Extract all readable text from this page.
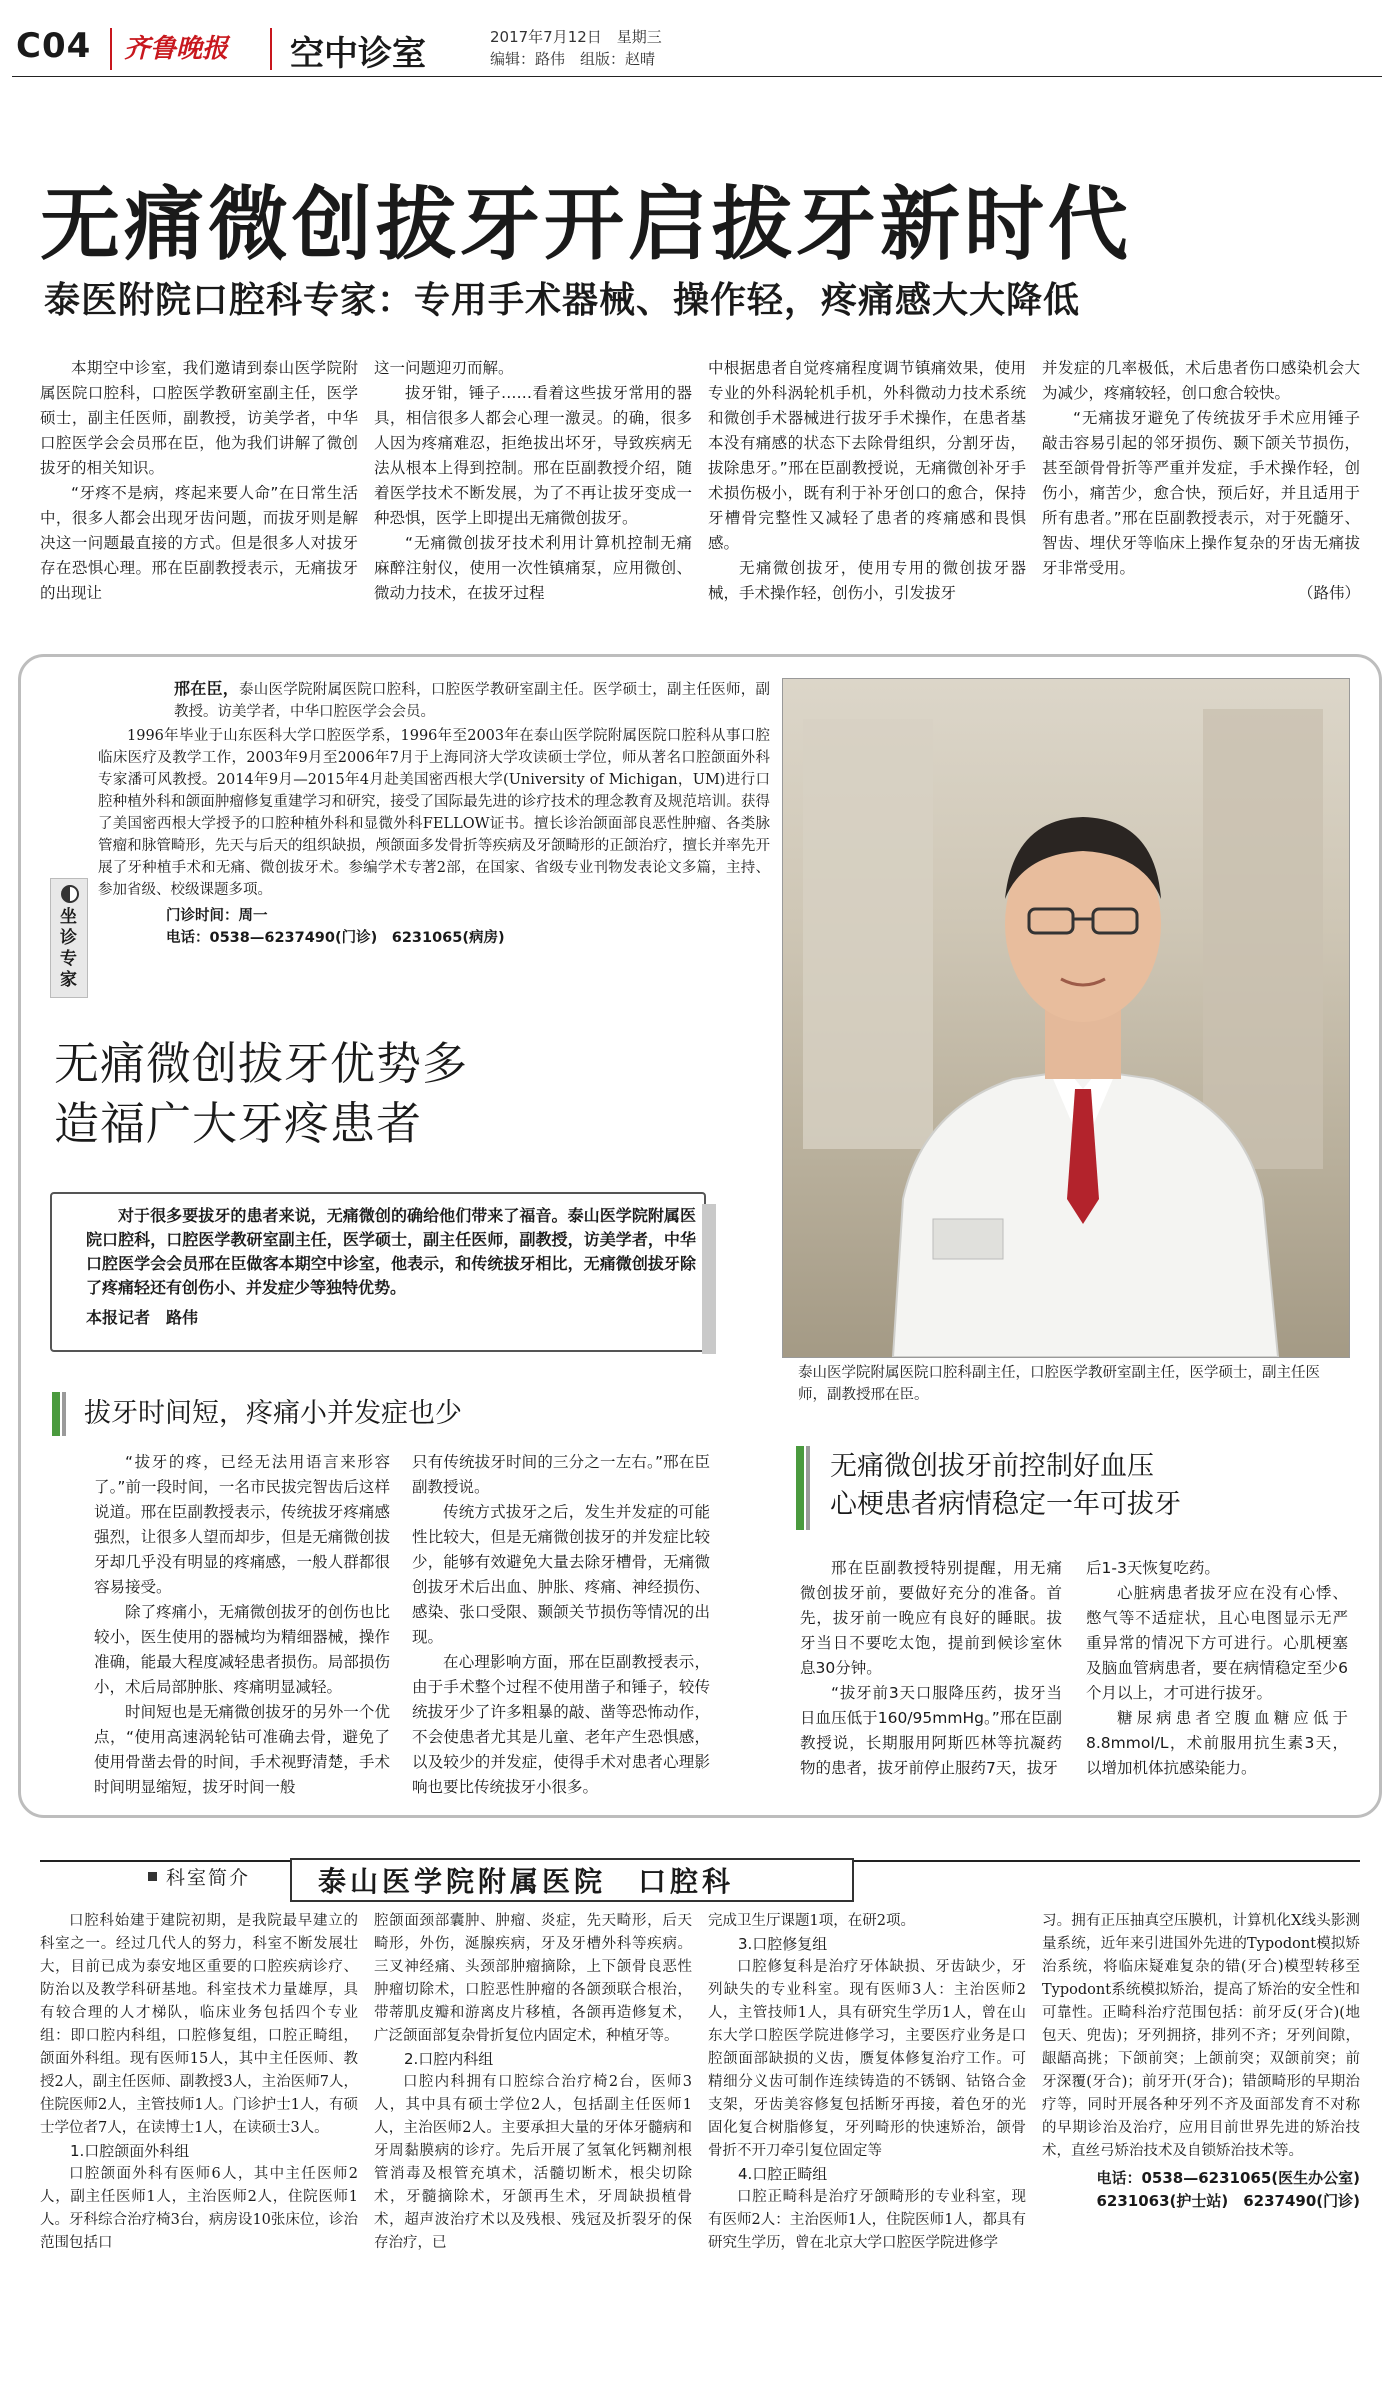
C04 齐鲁晚报 空中诊室	2017年7月12日　星期三
编辑：路伟　组版：赵晴
无痛微创拔牙开启拔牙新时代
泰医附院口腔科专家：专用手术器械、操作轻，疼痛感大大降低

本期空中诊室，我们邀请到泰山医学院附属医院口腔科，口腔医学教研室副主任，医学硕士，副主任医师，副教授，访美学者，中华口腔医学会会员邢在臣，他为我们讲解了微创拔牙的相关知识。

“牙疼不是病，疼起来要人命”在日常生活中，很多人都会出现牙齿问题，而拔牙则是解决这一问题最直接的方式。但是很多人对拔牙存在恐惧心理。邢在臣副教授表示，无痛拔牙的出现让

这一问题迎刃而解。

拔牙钳，锤子……看着这些拔牙常用的器具，相信很多人都会心理一激灵。的确，很多人因为疼痛难忍，拒绝拔出坏牙，导致疾病无法从根本上得到控制。邢在臣副教授介绍，随着医学技术不断发展，为了不再让拔牙变成一种恐惧，医学上即提出无痛微创拔牙。

“无痛微创拔牙技术利用计算机控制无痛麻醉注射仪，使用一次性镇痛泵，应用微创、微动力技术，在拔牙过程

中根据患者自觉疼痛程度调节镇痛效果，使用专业的外科涡轮机手机，外科微动力技术系统和微创手术器械进行拔牙手术操作，在患者基本没有痛感的状态下去除骨组织，分割牙齿，拔除患牙。”邢在臣副教授说，无痛微创补牙手术损伤极小，既有利于补牙创口的愈合，保持牙槽骨完整性又减轻了患者的疼痛感和畏惧感。

无痛微创拔牙，使用专用的微创拔牙器械，手术操作轻，创伤小，引发拔牙

并发症的几率极低，术后患者伤口感染机会大为减少，疼痛较轻，创口愈合较快。

“无痛拔牙避免了传统拔牙手术应用锤子敲击容易引起的邻牙损伤、颞下颌关节损伤，甚至颌骨骨折等严重并发症，手术操作轻，创伤小，痛苦少，愈合快，预后好，并且适用于所有患者。”邢在臣副教授表示，对于死髓牙、智齿、埋伏牙等临床上操作复杂的牙齿无痛拔牙非常受用。

（路伟）
坐诊专家
邢在臣，泰山医学院附属医院口腔科，口腔医学教研室副主任。医学硕士，副主任医师，副教授。访美学者，中华口腔医学会会员。
1996年毕业于山东医科大学口腔医学系，1996年至2003年在泰山医学院附属医院口腔科从事口腔临床医疗及教学工作，2003年9月至2006年7月于上海同济大学攻读硕士学位，师从著名口腔颌面外科专家潘可风教授。2014年9月—2015年4月赴美国密西根大学(University of Michigan，UM)进行口腔种植外科和颌面肿瘤修复重建学习和研究，接受了国际最先进的诊疗技术的理念教育及规范培训。获得了美国密西根大学授予的口腔种植外科和显微外科FELLOW证书。擅长诊治颌面部良恶性肿瘤、各类脉管瘤和脉管畸形，先天与后天的组织缺损，颅颌面多发骨折等疾病及牙颌畸形的正颌治疗，擅长并率先开展了牙种植手术和无痛、微创拔牙术。参编学术专著2部，在国家、省级专业刊物发表论文多篇，主持、参加省级、校级课题多项。
门诊时间：周一
电话：0538—6237490(门诊)　6231065(病房)
无痛微创拔牙优势多
造福广大牙疼患者
对于很多要拔牙的患者来说，无痛微创的确给他们带来了福音。泰山医学院附属医院口腔科，口腔医学教研室副主任，医学硕士，副主任医师，副教授，访美学者，中华口腔医学会会员邢在臣做客本期空中诊室，他表示，和传统拔牙相比，无痛微创拔牙除了疼痛轻还有创伤小、并发症少等独特优势。
本报记者　路伟
泰山医学院附属医院口腔科副主任，口腔医学教研室副主任，医学硕士，副主任医师，副教授邢在臣。
拔牙时间短，疼痛小并发症也少

“拔牙的疼，已经无法用语言来形容了。”前一段时间，一名市民拔完智齿后这样说道。邢在臣副教授表示，传统拔牙疼痛感强烈，让很多人望而却步，但是无痛微创拔牙却几乎没有明显的疼痛感，一般人群都很容易接受。

除了疼痛小，无痛微创拔牙的创伤也比较小，医生使用的器械均为精细器械，操作准确，能最大程度减轻患者损伤。局部损伤小，术后局部肿胀、疼痛明显减轻。

时间短也是无痛微创拔牙的另外一个优点，“使用高速涡轮钻可准确去骨，避免了使用骨凿去骨的时间，手术视野清楚，手术时间明显缩短，拔牙时间一般

只有传统拔牙时间的三分之一左右。”邢在臣副教授说。

传统方式拔牙之后，发生并发症的可能性比较大，但是无痛微创拔牙的并发症比较少，能够有效避免大量去除牙槽骨，无痛微创拔牙术后出血、肿胀、疼痛、神经损伤、感染、张口受限、颞颌关节损伤等情况的出现。

在心理影响方面，邢在臣副教授表示，由于手术整个过程不使用凿子和锤子，较传统拔牙少了许多粗暴的敲、凿等恐怖动作，不会使患者尤其是儿童、老年产生恐惧感，以及较少的并发症，使得手术对患者心理影响也要比传统拔牙小很多。

无痛微创拔牙前控制好血压
心梗患者病情稳定一年可拔牙

邢在臣副教授特别提醒，用无痛微创拔牙前，要做好充分的准备。首先，拔牙前一晚应有良好的睡眠。拔牙当日不要吃太饱，提前到候诊室休息30分钟。

“拔牙前3天口服降压药，拔牙当日血压低于160/95mmHg。”邢在臣副教授说，长期服用阿斯匹林等抗凝药物的患者，拔牙前停止服药7天，拔牙

后1-3天恢复吃药。

心脏病患者拔牙应在没有心悸、憋气等不适症状，且心电图显示无严重异常的情况下方可进行。心肌梗塞及脑血管病患者，要在病情稳定至少6个月以上，才可进行拔牙。

糖尿病患者空腹血糖应低于8.8mmol/L，术前服用抗生素3天，以增加机体抗感染能力。

科室简介 泰山医学院附属医院　口腔科

口腔科始建于建院初期，是我院最早建立的科室之一。经过几代人的努力，科室不断发展壮大，目前已成为泰安地区重要的口腔疾病诊疗、防治以及教学科研基地。科室技术力量雄厚，具有较合理的人才梯队，临床业务包括四个专业组：即口腔内科组，口腔修复组，口腔正畸组，颌面外科组。现有医师15人，其中主任医师、教授2人，副主任医师、副教授3人，主治医师7人，住院医师2人，主管技师1人。门诊护士1人，有硕士学位者7人，在读博士1人，在读硕士3人。

1.口腔颌面外科组

口腔颌面外科有医师6人，其中主任医师2人，副主任医师1人，主治医师2人，住院医师1人。牙科综合治疗椅3台，病房设10张床位，诊治范围包括口

腔颌面颈部囊肿、肿瘤、炎症，先天畸形，后天畸形，外伤，涎腺疾病，牙及牙槽外科等疾病。三叉神经痛、头颈部肿瘤摘除，上下颌骨良恶性肿瘤切除术，口腔恶性肿瘤的各颌颈联合根治，带蒂肌皮瓣和游离皮片移植，各颌再造修复术，广泛颌面部复杂骨折复位内固定术，种植牙等。

2.口腔内科组

口腔内科拥有口腔综合治疗椅2台，医师3人，其中具有硕士学位2人，包括副主任医师1人，主治医师2人。主要承担大量的牙体牙髓病和牙周黏膜病的诊疗。先后开展了氢氧化钙糊剂根管消毒及根管充填术，活髓切断术，根尖切除术，牙髓摘除术，牙颌再生术，牙周缺损植骨术，超声波治疗术以及残根、残冠及折裂牙的保存治疗，已

完成卫生厅课题1项，在研2项。

3.口腔修复组

口腔修复科是治疗牙体缺损、牙齿缺少，牙列缺失的专业科室。现有医师3人：主治医师2人，主管技师1人，具有研究生学历1人，曾在山东大学口腔医学院进修学习，主要医疗业务是口腔颌面部缺损的义齿，赝复体修复治疗工作。可精细分义齿可制作连续铸造的不锈钢、钴铬合金支架，牙齿美容修复包括断牙再接，着色牙的光固化复合树脂修复，牙列畸形的快速矫治，颌骨骨折不开刀牵引复位固定等

4.口腔正畸组

口腔正畸科是治疗牙颌畸形的专业科室，现有医师2人：主治医师1人，住院医师1人，都具有研究生学历，曾在北京大学口腔医学院进修学

习。拥有正压抽真空压膜机，计算机化X线头影测量系统，近年来引进国外先进的Typodont模拟矫治系统，将临床疑难复杂的错(牙合)模型转移至Typodont系统模拟矫治，提高了矫治的安全性和可靠性。正畸科治疗范围包括：前牙反(牙合)(地包天、兜齿)；牙列拥挤，排列不齐；牙列间隙，龈龉高挑；下颌前突；上颌前突；双颌前突；前牙深覆(牙合)；前牙开(牙合)；错颌畸形的早期治疗等，同时开展各种牙列不齐及面部发育不对称的早期诊治及治疗，应用目前世界先进的矫治技术，直丝弓矫治技术及自锁矫治技术等。

电话：0538—6231065(医生办公室)
6231063(护士站)　6237490(门诊)
